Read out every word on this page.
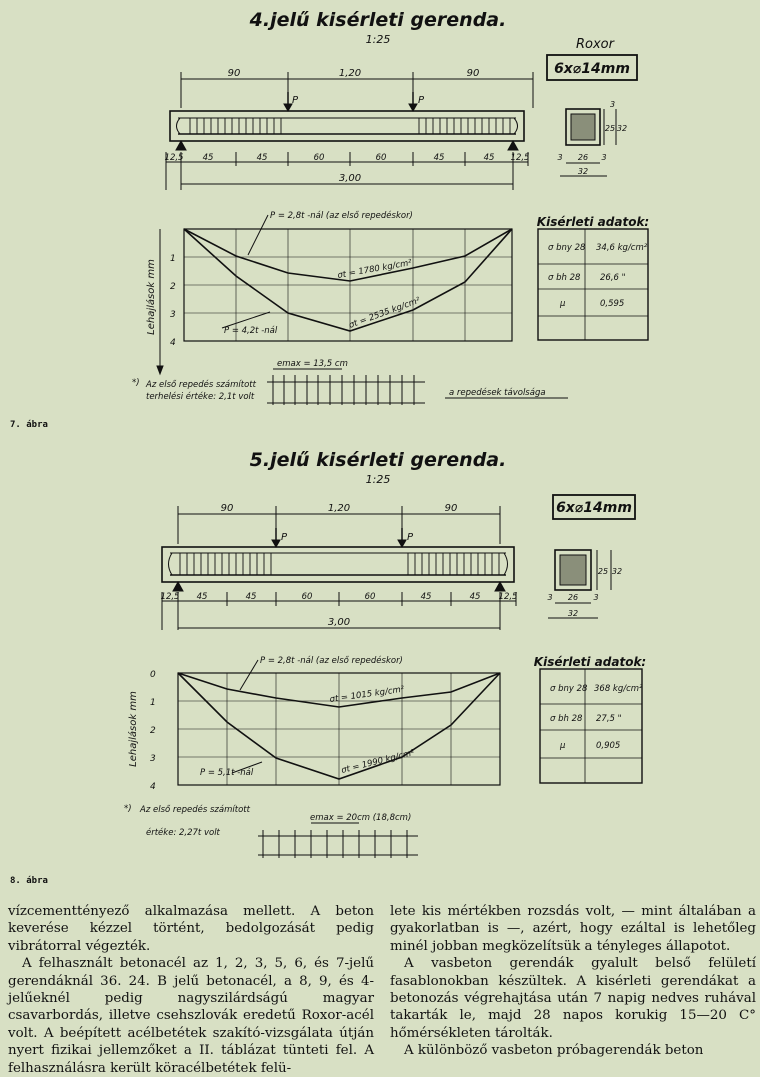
4.jelű kisérleti gerenda.
1:25	Roxor
6x⌀14mm
90	1,20	90
P	P
12,5 45	45	60	60	45	45 12,5
3,00
3
25 32
3 26 3
32
Lehajlások mm
1
2
3
4
P = 2,8t -nál (az első repedéskor)
σt = 1780 kg/cm²
σt = 2535 kg/cm²
P = 4,2t -nál
emax = 13,5 cm
*) Az első repedés számított
terhelési értéke: 2,1t volt	a repedések távolsága
Kisérleti adatok:
σ bny 28 34,6 kg/cm²
σ bh 28 26,6 "
μ	0,595
7. ábra
5.jelű kisérleti gerenda.
1:25
6x⌀14mm
90	1,20	90
P	P
12,5 45	45	60	60	45	45 12,5
3,00
25 32
3 26 3
32
Lehajlások mm
0
1
2
3
4
P = 2,8t -nál (az első repedéskor)
σt = 1015 kg/cm²
σt = 1990 kg/cm²
P = 5,1t -nál
emax = 20cm (18,8cm)
*) Az első repedés számított
értéke: 2,27t volt
Kisérleti adatok:
σ bny 28 368 kg/cm²
σ bh 28 27,5 "
μ	0,905
8. ábra

vízcementtényező alkalmazása mellett. A beton keverése kézzel történt, bedolgozását pedig vibrátorral végezték.

A felhasznált betonacél az 1, 2, 3, 5, 6, és 7-jelű gerendáknál 36. 24. B jelű betonacél, a 8, 9, és 4-jelűeknél pedig nagyszilárdságú magyar csavarbordás, illetve csehszlovák eredetű Roxor-acél volt. A beépített acélbetétek szakító-vizsgálata útján nyert fizikai jellemzőket a II. táblázat tünteti fel. A felhasználásra került köracélbetétek felü-

lete kis mértékben rozsdás volt, — mint általában a gyakorlatban is —, azért, hogy ezáltal is lehetőleg minél jobban megközelítsük a tényleges állapotot.

A vasbeton gerendák gyalult belső felületí fasablonokban készültek. A kisérleti gerendákat a betonozás végrehajtása után 7 napig nedves ruhával takarták le, majd 28 napos korukig 15—20 C° hőmérsékleten tárolták.

A különböző vasbeton próbagerendák beton
